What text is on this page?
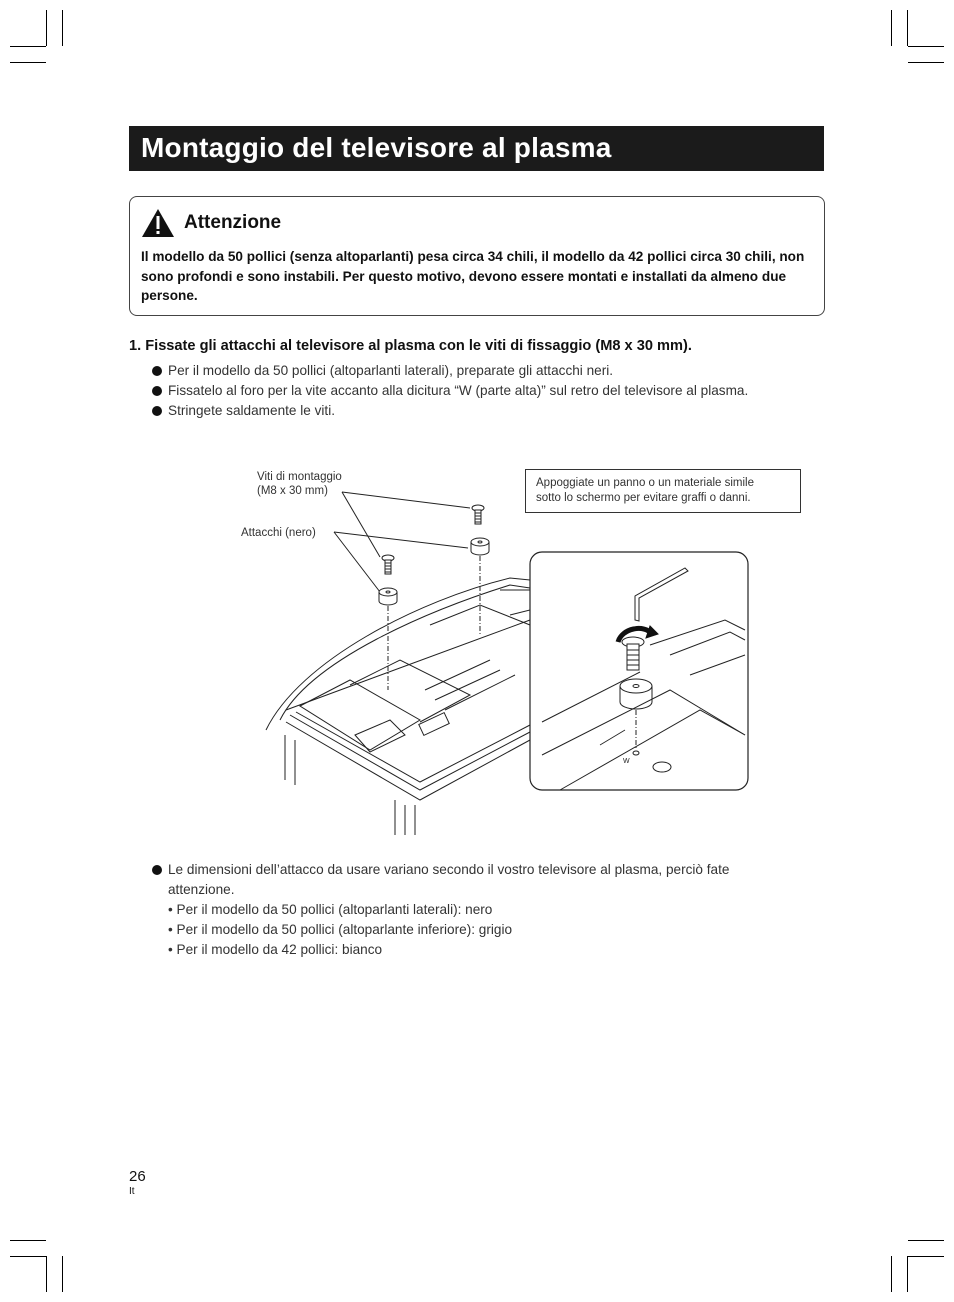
Montaggio del televisore al plasma
Attenzione
Il modello da 50 pollici (senza altoparlanti) pesa circa 34 chili, il modello da 42 pollici circa 30 chili, non sono profondi e sono instabili. Per questo motivo, devono essere montati e installati da almeno due persone.
1. Fissate gli attacchi al televisore al plasma con le viti di fissaggio (M8 x 30 mm).
Per il modello da 50 pollici (altoparlanti laterali), preparate gli attacchi neri.
Fissatelo al foro per la vite accanto alla dicitura “W (parte alta)” sul retro del televisore al plasma.
Stringete saldamente le viti.
Viti di montaggio
(M8 x 30 mm)
Attacchi (nero)
Appoggiate un panno o un materiale simile
sotto lo schermo per evitare graffi o danni.
W
Le dimensioni dell’attacco da usare variano secondo il vostro televisore al plasma, perciò fate
attenzione.
• Per il modello da 50 pollici (altoparlanti laterali): nero
• Per il modello da 50 pollici (altoparlante inferiore): grigio
• Per il modello da 42 pollici: bianco
26
It
